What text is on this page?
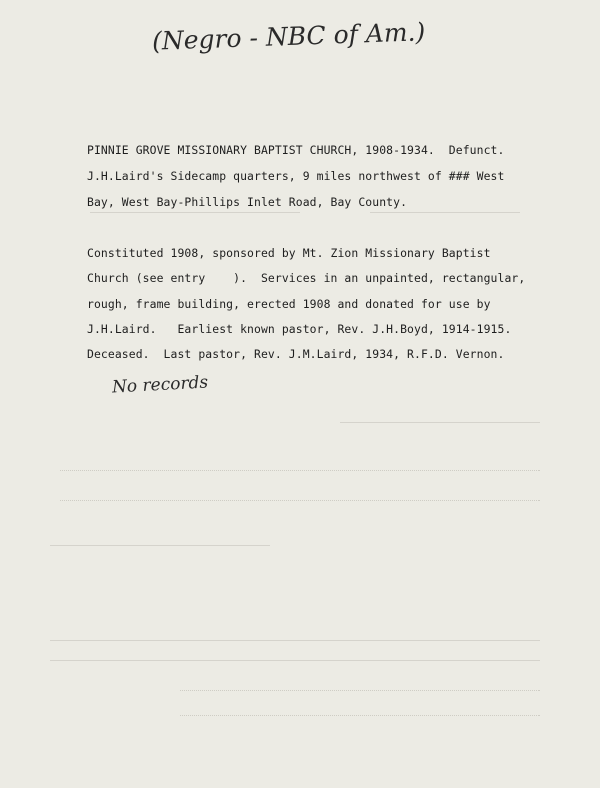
(Negro - NBC of Am.)
PINNIE GROVE MISSIONARY BAPTIST CHURCH, 1908-1934.  Defunct.
J.H.Laird's Sidecamp quarters, 9 miles northwest of ### West
Bay, West Bay-Phillips Inlet Road, Bay County.
Constituted 1908, sponsored by Mt. Zion Missionary Baptist
Church (see entry    ).  Services in an unpainted, rectangular,
rough, frame building, erected 1908 and donated for use by
J.H.Laird.   Earliest known pastor, Rev. J.H.Boyd, 1914-1915.
Deceased.  Last pastor, Rev. J.M.Laird, 1934, R.F.D. Vernon.
No records
